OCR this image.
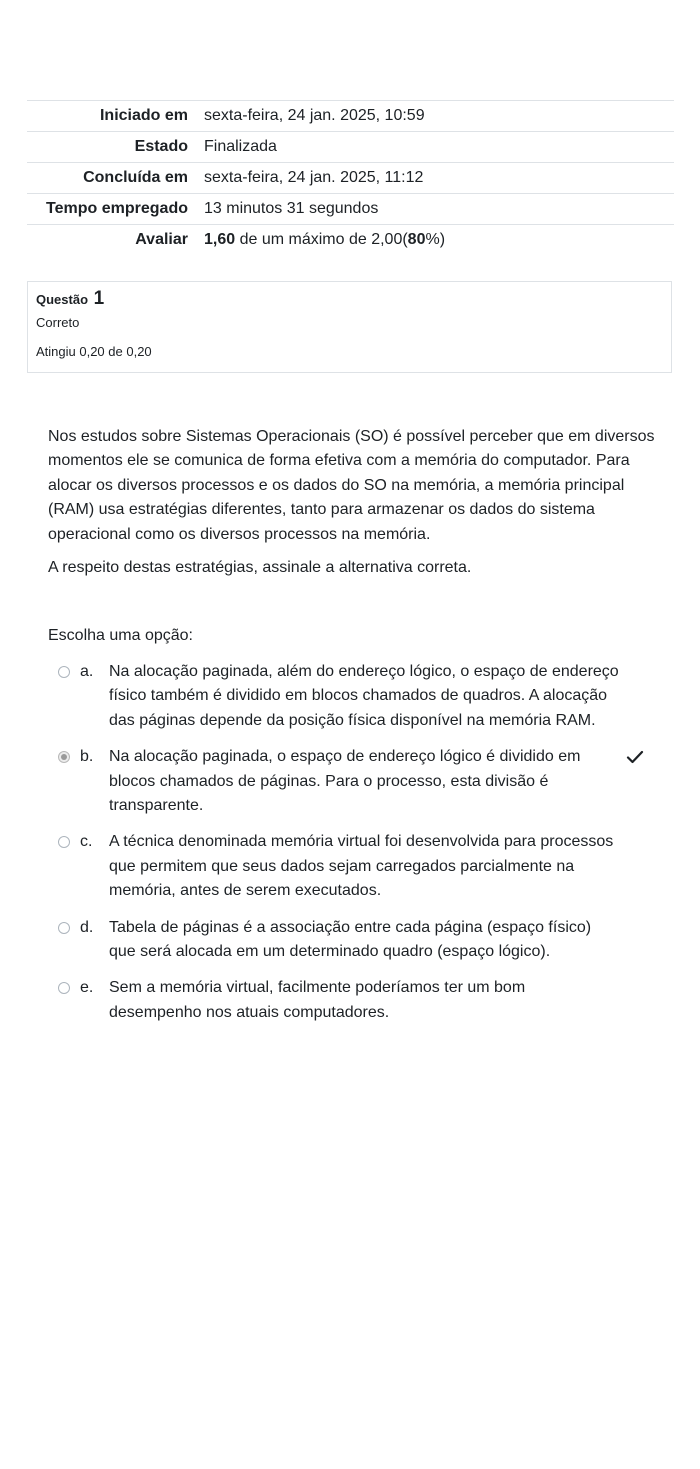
Iniciado em	sexta-feira, 24 jan. 2025, 10:59
Estado	Finalizada
Concluída em	sexta-feira, 24 jan. 2025, 11:12
Tempo empregado	13 minutos 31 segundos
Avaliar	1,60 de um máximo de 2,00(80%)
Questão 1
Correto
Atingiu 0,20 de 0,20

Nos estudos sobre Sistemas Operacionais (SO) é possível perceber que em diversos momentos ele se comunica de forma efetiva com a memória do computador. Para alocar os diversos processos e os dados do SO na memória, a memória principal (RAM) usa estratégias diferentes, tanto para armazenar os dados do sistema operacional como os diversos processos na memória.

A respeito destas estratégias, assinale a alternativa correta.

Escolha uma opção:
a. Na alocação paginada, além do endereço lógico, o espaço de endereço físico também é dividido em blocos chamados de quadros. A alocação das páginas depende da posição física disponível na memória RAM.
b. Na alocação paginada, o espaço de endereço lógico é dividido em blocos chamados de páginas. Para o processo, esta divisão é transparente.
c.	A técnica denominada memória virtual foi desenvolvida para processos que permitem que seus dados sejam carregados parcialmente na memória, antes de serem executados.
d. Tabela de páginas é a associação entre cada página (espaço físico) que será alocada em um determinado quadro (espaço lógico).
e. Sem a memória virtual, facilmente poderíamos ter um bom desempenho nos atuais computadores.
